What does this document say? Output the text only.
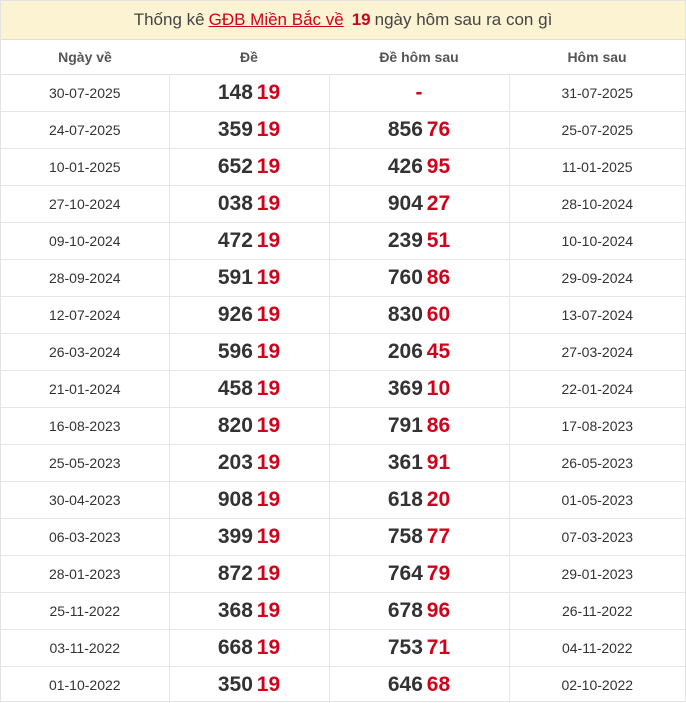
Thống kê GĐB Miền Bắc về 19 ngày hôm sau ra con gì
Ngày về	Đề	Đề hôm sau	Hôm sau
30-07-2025	148 19	-	31-07-2025
24-07-2025	359 19	856 76	25-07-2025
10-01-2025	652 19	426 95	11-01-2025
27-10-2024	038 19	904 27	28-10-2024
09-10-2024	472 19	239 51	10-10-2024
28-09-2024	591 19	760 86	29-09-2024
12-07-2024	926 19	830 60	13-07-2024
26-03-2024	596 19	206 45	27-03-2024
21-01-2024	458 19	369 10	22-01-2024
16-08-2023	820 19	791 86	17-08-2023
25-05-2023	203 19	361 91	26-05-2023
30-04-2023	908 19	618 20	01-05-2023
06-03-2023	399 19	758 77	07-03-2023
28-01-2023	872 19	764 79	29-01-2023
25-11-2022	368 19	678 96	26-11-2022
03-11-2022	668 19	753 71	04-11-2022
01-10-2022	350 19	646 68	02-10-2022
